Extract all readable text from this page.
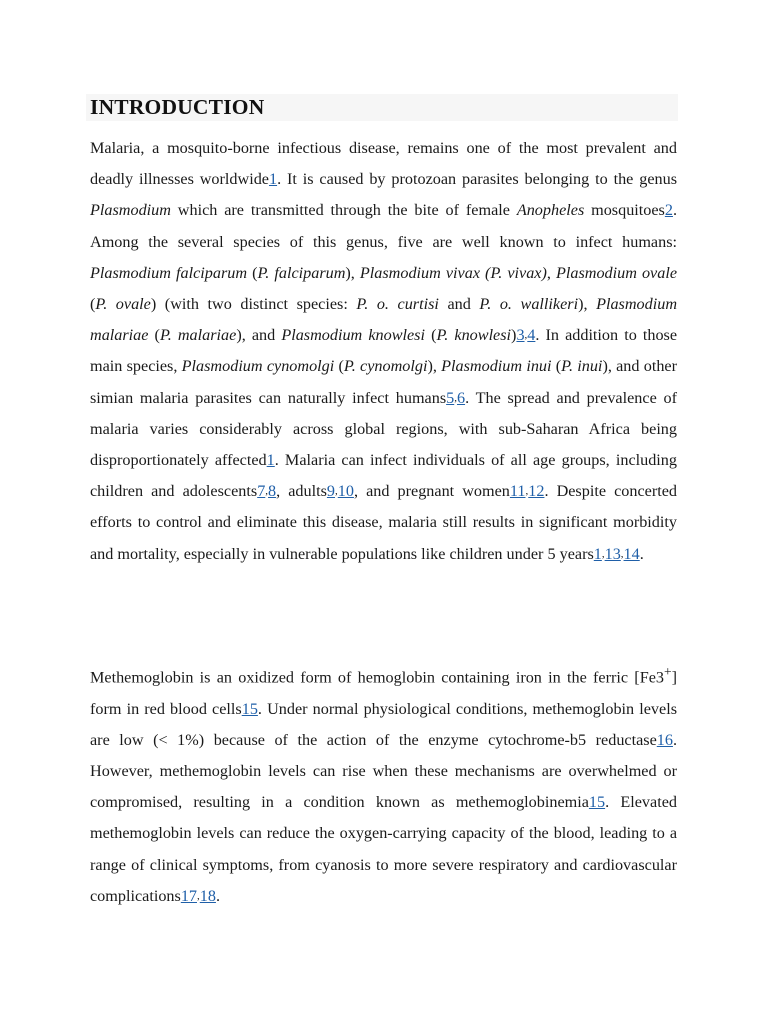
INTRODUCTION

Malaria, a mosquito-borne infectious disease, remains one of the most prevalent and deadly illnesses worldwide1. It is caused by protozoan parasites belonging to the genus Plasmodium which are transmitted through the bite of female Anopheles mosquitoes2. Among the several species of this genus, five are well known to infect humans: Plasmodium falciparum (P. falciparum), Plasmodium vivax (P. vivax), Plasmodium ovale (P. ovale) (with two distinct species: P. o. curtisi and P. o. wallikeri), Plasmodium malariae (P. malariae), and Plasmodium knowlesi (P. knowlesi)3,4. In addition to those main species, Plasmodium cynomolgi (P. cynomolgi), Plasmodium inui (P. inui), and other simian malaria parasites can naturally infect humans5,6. The spread and prevalence of malaria varies considerably across global regions, with sub-Saharan Africa being disproportionately affected1. Malaria can infect individuals of all age groups, including children and adolescents7,8, adults9,10, and pregnant women11,12. Despite concerted efforts to control and eliminate this disease, malaria still results in significant morbidity and mortality, especially in vulnerable populations like children under 5 years1,13,14.

Methemoglobin is an oxidized form of hemoglobin containing iron in the ferric [Fe3+] form in red blood cells15. Under normal physiological conditions, methemoglobin levels are low (< 1%) because of the action of the enzyme cytochrome-b5 reductase16. However, methemoglobin levels can rise when these mechanisms are overwhelmed or compromised, resulting in a condition known as methemoglobinemia15. Elevated methemoglobin levels can reduce the oxygen-carrying capacity of the blood, leading to a range of clinical symptoms, from cyanosis to more severe respiratory and cardiovascular complications17,18.
